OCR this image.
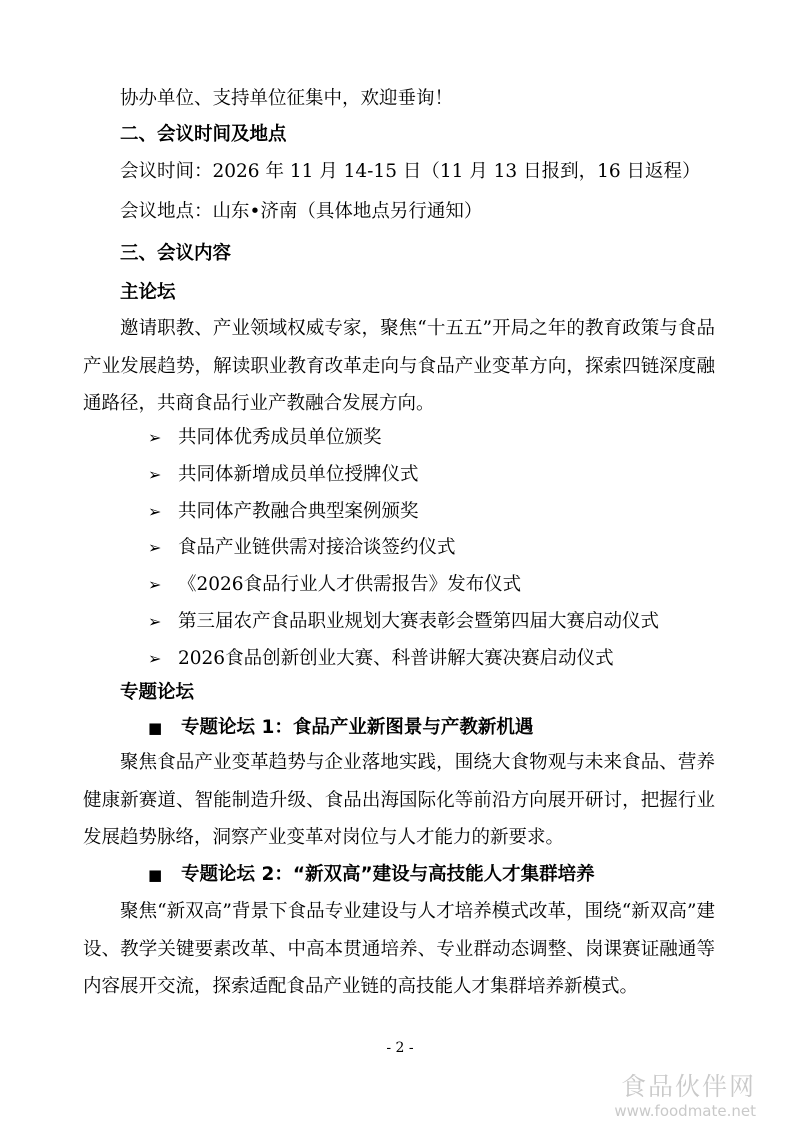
协办单位、支持单位征集中，欢迎垂询！
二、会议时间及地点
会议时间：2026 年 11 月 14-15 日（11 月 13 日报到，16 日返程）
会议地点：山东•济南（具体地点另行通知）
三、会议内容
主论坛
邀请职教、产业领域权威专家，聚焦“十五五”开局之年的教育政策与食品产业发展趋势，解读职业教育改革走向与食品产业变革方向，探索四链深度融通路径，共商食品行业产教融合发展方向。
➢ 共同体优秀成员单位颁奖
➢ 共同体新增成员单位授牌仪式
➢ 共同体产教融合典型案例颁奖
➢ 食品产业链供需对接洽谈签约仪式
➢ 《2026食品行业人才供需报告》发布仪式
➢ 第三届农产食品职业规划大赛表彰会暨第四届大赛启动仪式
➢ 2026食品创新创业大赛、科普讲解大赛决赛启动仪式
专题论坛
■ 专题论坛 1：食品产业新图景与产教新机遇
聚焦食品产业变革趋势与企业落地实践，围绕大食物观与未来食品、营养健康新赛道、智能制造升级、食品出海国际化等前沿方向展开研讨，把握行业发展趋势脉络，洞察产业变革对岗位与人才能力的新要求。
■ 专题论坛 2：“新双高”建设与高技能人才集群培养
聚焦“新双高”背景下食品专业建设与人才培养模式改革，围绕“新双高”建设、教学关键要素改革、中高本贯通培养、专业群动态调整、岗课赛证融通等内容展开交流，探索适配食品产业链的高技能人才集群培养新模式。
- 2 -
食品伙伴网
www.foodmate.net
